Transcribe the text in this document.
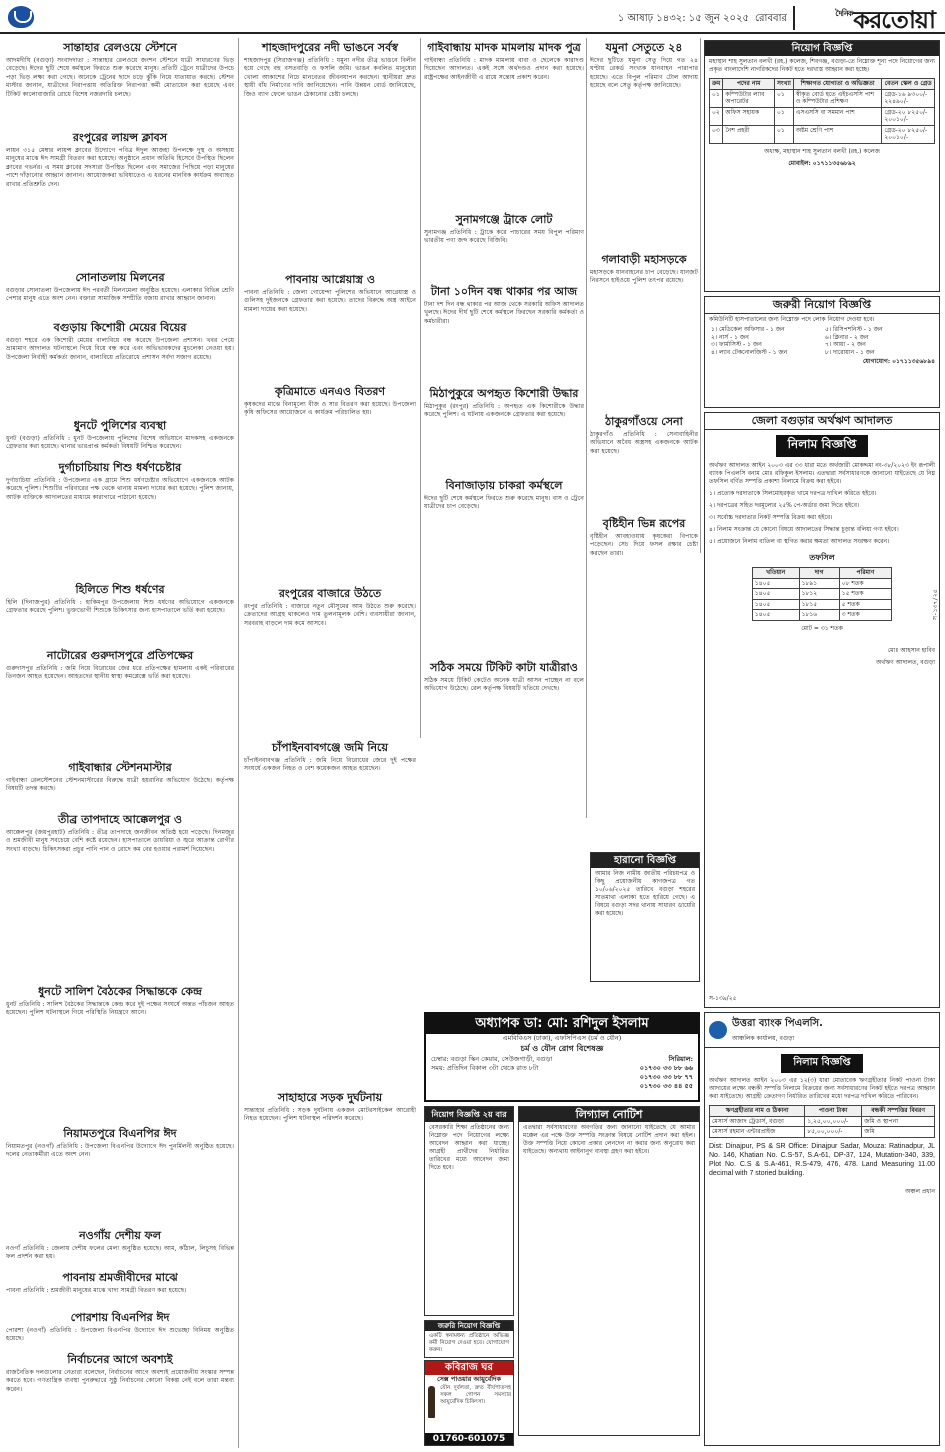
১ আষাঢ় ১৪৩২: ১৫ জুন ২০২৫ রোববার	দৈনিক করতোয়া
সান্তাহার রেলওয়ে স্টেশনে

আদমদীঘি (বগুড়া) সংবাদদাতা : সান্তাহার রেলওয়ে জংশন স্টেশনে যাত্রী সাধারণের ভিড় বেড়েছে। ঈদের ছুটি শেষে কর্মস্থলে ফিরতে শুরু করেছে মানুষ। প্রতিটি ট্রেনে যাত্রীদের উপচে পড়া ভিড় লক্ষ্য করা গেছে। অনেকে ট্রেনের ছাদে চড়ে ঝুঁকি নিয়ে যাতায়াত করছে। স্টেশন মাস্টার জানান, যাত্রীদের নিরাপত্তায় অতিরিক্ত নিরাপত্তা কর্মী মোতায়েন করা হয়েছে এবং টিকিট কালোবাজারি রোধে বিশেষ নজরদারি চলছে।

রংপুরের লায়ন্স ক্লাবস

লায়ন ৩১৫ মেম্বার লায়ন্স ক্লাবের উদ্যোগে পবিত্র ঈদুল আজহা উপলক্ষে দুস্থ ও অসহায় মানুষের মাঝে ঈদ সামগ্রী বিতরণ করা হয়েছে। অনুষ্ঠানে প্রধান অতিথি হিসেবে উপস্থিত ছিলেন ক্লাবের গভর্নর। এ সময় ক্লাবের সদস্যরা উপস্থিত ছিলেন এবং সমাজের পিছিয়ে পড়া মানুষের পাশে দাঁড়ানোর আহ্বান জানান। আয়োজকরা ভবিষ্যতেও এ ধরনের মানবিক কার্যক্রম অব্যাহত রাখার প্রতিশ্রুতি দেন।

সোনাতলায় মিলনের

বগুড়ার সোনাতলা উপজেলায় ঈদ পরবর্তী মিলনমেলা অনুষ্ঠিত হয়েছে। এলাকার বিভিন্ন শ্রেণি পেশার মানুষ এতে অংশ নেন। বক্তারা সামাজিক সম্প্রীতি বজায় রাখার আহ্বান জানান।

বগুড়ায় কিশোরী মেয়ের বিয়ের

বগুড়া শহরে এক কিশোরী মেয়ের বাল্যবিয়ে বন্ধ করেছে উপজেলা প্রশাসন। খবর পেয়ে ভ্রাম্যমাণ আদালত ঘটনাস্থলে গিয়ে বিয়ে বন্ধ করে এবং অভিভাবকদের মুচলেকা নেওয়া হয়। উপজেলা নির্বাহী কর্মকর্তা জানান, বাল্যবিয়ে প্রতিরোধে প্রশাসন সর্বদা সজাগ রয়েছে।

ধুনটে পুলিশের ব্যবস্থা

ধুনট (বগুড়া) প্রতিনিধি : ধুনট উপজেলায় পুলিশের বিশেষ অভিযানে মাদকসহ একজনকে গ্রেফতার করা হয়েছে। থানার ভারপ্রাপ্ত কর্মকর্তা বিষয়টি নিশ্চিত করেছেন।

দুর্গাচাচিয়ায় শিশু ধর্ষণচেষ্টার

দুর্গাচাচিয়া প্রতিনিধি : উপজেলার এক গ্রামে শিশু ধর্ষণচেষ্টার অভিযোগে একজনকে আটক করেছে পুলিশ। শিশুটির পরিবারের পক্ষ থেকে থানায় মামলা দায়ের করা হয়েছে। পুলিশ জানায়, আটক ব্যক্তিকে আদালতের মাধ্যমে কারাগারে পাঠানো হয়েছে।

হিলিতে শিশু ধর্ষণের

হিলি (দিনাজপুর) প্রতিনিধি : হাকিমপুর উপজেলায় শিশু ধর্ষণের অভিযোগে একজনকে গ্রেফতার করেছে পুলিশ। ভুক্তভোগী শিশুকে চিকিৎসার জন্য হাসপাতালে ভর্তি করা হয়েছে।

নাটোরের গুরুদাসপুরে প্রতিপক্ষের

গুরুদাসপুর প্রতিনিধি : জমি নিয়ে বিরোধের জের ধরে প্রতিপক্ষের হামলায় একই পরিবারের তিনজন আহত হয়েছেন। আহতদের স্থানীয় স্বাস্থ্য কমপ্লেক্সে ভর্তি করা হয়েছে।

গাইবান্ধার স্টেশনমাস্টার

গাইবান্ধা রেলস্টেশনের স্টেশনমাস্টারের বিরুদ্ধে যাত্রী হয়রানির অভিযোগ উঠেছে। কর্তৃপক্ষ বিষয়টি তদন্ত করছে।

তীব্র তাপদাহে আক্কেলপুর ও

আক্কেলপুর (জয়পুরহাট) প্রতিনিধি : তীব্র তাপদাহে জনজীবন অতিষ্ঠ হয়ে পড়েছে। দিনমজুর ও শ্রমজীবী মানুষ সবচেয়ে বেশি কষ্টে রয়েছেন। হাসপাতালে ডায়রিয়া ও জ্বরে আক্রান্ত রোগীর সংখ্যা বাড়ছে। চিকিৎসকরা প্রচুর পানি পান ও রোদে কম বের হওয়ার পরামর্শ দিয়েছেন।

ধুনটে সালিশ বৈঠকের সিদ্ধান্তকে কেন্দ্র

ধুনট প্রতিনিধি : সালিশ বৈঠকের সিদ্ধান্তকে কেন্দ্র করে দুই পক্ষের সংঘর্ষে অন্তত পাঁচজন আহত হয়েছেন। পুলিশ ঘটনাস্থলে গিয়ে পরিস্থিতি নিয়ন্ত্রণে আনে।

নিয়ামতপুরে বিএনপির ঈদ

নিয়ামতপুর (নওগাঁ) প্রতিনিধি : উপজেলা বিএনপির উদ্যোগে ঈদ পুনর্মিলনী অনুষ্ঠিত হয়েছে। দলের নেতাকর্মীরা এতে অংশ নেন।

নওগাঁয় দেশীয় ফল

নওগাঁ প্রতিনিধি : জেলায় দেশীয় ফলের মেলা অনুষ্ঠিত হয়েছে। আম, কাঁঠাল, লিচুসহ বিভিন্ন ফল প্রদর্শন করা হয়।

পাবনায় শ্রমজীবীদের মাঝে

পাবনা প্রতিনিধি : শ্রমজীবী মানুষের মাঝে খাদ্য সামগ্রী বিতরণ করা হয়েছে।

পোরশায় বিএনপির ঈদ

পোরশা (নওগাঁ) প্রতিনিধি : উপজেলা বিএনপির উদ্যোগে ঈদ শুভেচ্ছা বিনিময় অনুষ্ঠিত হয়েছে।

নির্বাচনের আগে অবশ্যই

রাজনৈতিক দলগুলোর নেতারা বলেছেন, নির্বাচনের আগে অবশ্যই প্রয়োজনীয় সংস্কার সম্পন্ন করতে হবে। গণতান্ত্রিক ব্যবস্থা পুনরুদ্ধারে সুষ্ঠু নির্বাচনের কোনো বিকল্প নেই বলে তারা মন্তব্য করেন।

শাহজাদপুরের নদী ভাঙনে সর্বস্ব

শাহজাদপুর (সিরাজগঞ্জ) প্রতিনিধি : যমুনা নদীর তীব্র ভাঙনে বিলীন হয়ে গেছে বহু বসতবাড়ি ও ফসলি জমি। ভাঙন কবলিত মানুষেরা খোলা আকাশের নিচে মানবেতর জীবনযাপন করছেন। স্থানীয়রা দ্রুত স্থায়ী বাঁধ নির্মাণের দাবি জানিয়েছেন। পানি উন্নয়ন বোর্ড জানিয়েছে, জিও ব্যাগ ফেলে ভাঙন ঠেকানোর চেষ্টা চলছে।

পাবনায় আগ্নেয়াস্ত্র ও

পাবনা প্রতিনিধি : জেলা গোয়েন্দা পুলিশের অভিযানে আগ্নেয়াস্ত্র ও গুলিসহ দুইজনকে গ্রেফতার করা হয়েছে। তাদের বিরুদ্ধে অস্ত্র আইনে মামলা দায়ের করা হয়েছে।

কৃত্রিমাতে এনএও বিতরণ

কৃষকদের মাঝে বিনামূল্যে বীজ ও সার বিতরণ করা হয়েছে। উপজেলা কৃষি অফিসের আয়োজনে এ কার্যক্রম পরিচালিত হয়।

রংপুরের বাজারে উঠতে

রংপুর প্রতিনিধি : বাজারে নতুন মৌসুমের আম উঠতে শুরু করেছে। ক্রেতাদের আগ্রহ থাকলেও দাম তুলনামূলক বেশি। ব্যবসায়ীরা জানান, সরবরাহ বাড়লে দাম কমে আসবে।

চাঁপাইনবাবগঞ্জে জমি নিয়ে

চাঁপাইনবাবগঞ্জ প্রতিনিধি : জমি নিয়ে বিরোধের জেরে দুই পক্ষের সংঘর্ষে একজন নিহত ও বেশ কয়েকজন আহত হয়েছেন।

সাহাহারে সড়ক দুর্ঘটনায়

সান্তাহার প্রতিনিধি : সড়ক দুর্ঘটনায় একজন মোটরসাইকেল আরোহী নিহত হয়েছেন। পুলিশ ঘটনাস্থল পরিদর্শন করেছে।

গাইবান্ধায় মাদক মামলায় মাদক পুত্র

গাইবান্ধা প্রতিনিধি : মাদক মামলায় বাবা ও ছেলেকে কারাদণ্ড দিয়েছেন আদালত। একই সঙ্গে অর্থদণ্ডও প্রদান করা হয়েছে। রাষ্ট্রপক্ষের আইনজীবী এ রায়ে সন্তোষ প্রকাশ করেন।

সুনামগঞ্জে ট্রাকে লোট

সুনামগঞ্জ প্রতিনিধি : ট্রাকে করে পাচারের সময় বিপুল পরিমাণ ভারতীয় পণ্য জব্দ করেছে বিজিবি।

টানা ১০দিন বন্ধ থাকার পর আজ

টানা দশ দিন বন্ধ থাকার পর আজ থেকে সরকারি অফিস আদালত খুলছে। ঈদের দীর্ঘ ছুটি শেষে কর্মস্থলে ফিরছেন সরকারি কর্মকর্তা ও কর্মচারীরা।

মিঠাপুকুরে অপহৃত কিশোরী উদ্ধার

মিঠাপুকুর (রংপুর) প্রতিনিধি : অপহৃত এক কিশোরীকে উদ্ধার করেছে পুলিশ। এ ঘটনায় একজনকে গ্রেফতার করা হয়েছে।

বিনাজাড়ায় চাকরা কর্মস্থলে

ঈদের ছুটি শেষে কর্মস্থলে ফিরতে শুরু করেছে মানুষ। বাস ও ট্রেনে যাত্রীদের চাপ বেড়েছে।

সঠিক সময়ে টিকিট কাটা যাত্রীরাও

সঠিক সময়ে টিকিট কেটেও অনেক যাত্রী আসন পাচ্ছেন না বলে অভিযোগ উঠেছে। রেল কর্তৃপক্ষ বিষয়টি খতিয়ে দেখছে।

যমুনা সেতুতে ২৪

ঈদের ছুটিতে যমুনা সেতু দিয়ে গত ২৪ ঘণ্টায় রেকর্ড সংখ্যক যানবাহন পারাপার হয়েছে। এতে বিপুল পরিমাণ টোল আদায় হয়েছে বলে সেতু কর্তৃপক্ষ জানিয়েছে।

গলাবাড়ী মহাসড়কে

মহাসড়কে যানবাহনের চাপ বেড়েছে। যানজট নিরসনে হাইওয়ে পুলিশ তৎপর রয়েছে।

ঠাকুরগাঁওয়ে সেনা

ঠাকুরগাঁও প্রতিনিধি : সেনাবাহিনীর অভিযানে অবৈধ অস্ত্রসহ একজনকে আটক করা হয়েছে।

বৃষ্টিহীন ভিন্ন রূপের

বৃষ্টিহীন আবহাওয়ায় কৃষকেরা বিপাকে পড়েছেন। সেচ দিয়ে ফসল রক্ষার চেষ্টা করছেন তারা।

নিয়োগ বিজ্ঞপ্তি

মহাস্থান শাহ সুলতান বলখী (রহ.) কলেজ, শিবগঞ্জ, বগুড়া-তে নিম্নোক্ত শূন্য পদে নিয়োগের জন্য প্রকৃত বাংলাদেশি নাগরিকদের নিকট হতে দরখাস্ত আহ্বান করা হচ্ছে।

ক্রম	পদের নাম	সংখ্যা	শিক্ষাগত যোগ্যতা ও অভিজ্ঞতা	বেতন স্কেল ও গ্রেড
০১	কম্পিউটার ল্যাব অপারেটর	০১	স্বীকৃত বোর্ড হতে এইচএসসি পাশ ও কম্পিউটার প্রশিক্ষণ	গ্রেড-১৬ ৯৩০০/- ২২৪৯০/-
০২	অফিস সহায়ক	০১	এসএসসি বা সমমান পাশ	গ্রেড-২০ ৮২৫০/- ২০০১০/-
০৩	নৈশ প্রহরী	০১	অষ্টম শ্রেণি পাশ	গ্রেড-২০ ৮২৫০/- ২০০১০/-

অধ্যক্ষ, মহাস্থান শাহ সুলতান বলখী (রহ.) কলেজ

মোবাইল: ০১৭১১৩৫৬৮৯২

জরুরী নিয়োগ বিজ্ঞপ্তি

কমিউনিটি হাসপাতালের জন্য নিম্নোক্ত পদে লোক নিয়োগ দেওয়া হবে।

১। মেডিকেল অফিসার - ১ জন
২। নার্স - ১ জন
৩। ফার্মাসিস্ট - ১ জন
৪। ল্যাব টেকনোলজিস্ট - ১ জন
৫। রিসিপশনিস্ট - ১ জন
৬। ক্লিনার - ২ জন
৭। আয়া - ২ জন
৮। দারোয়ান - ১ জন

যোগাযোগ: ০১৭১১৩৫৬৮৯৪

জেলা বগুড়ার অর্থঋণ আদালত
নিলাম বিজ্ঞপ্তি

অর্থঋণ আদালত আইন ২০০৩ এর ৩৩ ধারা মতে অর্থজারী মোকদ্দমা নং-৩৮/২০২৩ ইং রূপালী ব্যাংক পিএলসি বনাম মোঃ রফিকুল ইসলাম। এতদ্বারা সর্বসাধারণকে জানানো যাইতেছে যে নিম্ন তফসিল বর্ণিত সম্পত্তি প্রকাশ্য নিলামে বিক্রয় করা হইবে।

১। প্রত্যেক দরদাতাকে সিলমোহরকৃত খামে দরপত্র দাখিল করিতে হইবে।

২। দরপত্রের সহিত দরমূল্যের ২৫% পে-অর্ডার জমা দিতে হইবে।

৩। সর্বোচ্চ দরদাতার নিকট সম্পত্তি বিক্রয় করা হইবে।

৪। নিলাম সংক্রান্ত যে কোনো বিষয়ে আদালতের সিদ্ধান্ত চূড়ান্ত বলিয়া গণ্য হইবে।

৫। প্রয়োজনে নিলাম বাতিল বা স্থগিত করার ক্ষমতা আদালত সংরক্ষণ করেন।

তফসিল
খতিয়ান	দাগ	পরিমাণ
১৪০৫	১৮৯১	০৮ শতক
১৪০৫	১৮১২	১৫ শতক
১৪০৫	১৮১৫	৫ শতক
১৪০৫	১৮১৬	৩ শতক

মোট = ৩১ শতক

মোঃ আহসান হাবিব

অর্থঋণ আদালত, বগুড়া

স-১৩৯/২৫
হারানো বিজ্ঞপ্তি

আমার নিজ নামীয় জাতীয় পরিচয়পত্র ও কিছু প্রয়োজনীয় কাগজপত্র গত ১০/০৬/২০২৫ তারিখে বগুড়া শহরের সাতমাথা এলাকা হতে হারিয়ে গেছে। এ বিষয়ে বগুড়া সদর থানায় সাধারণ ডায়েরি করা হয়েছে।

অধ্যাপক ডা: মো: রশিদুল ইসলাম
এমবিবিএস (ঢাকা), এফসিপিএস (চর্ম ও যৌন)
চর্ম ও যৌন রোগ বিশেষজ্ঞ
চেম্বার: বগুড়া স্কিন কেয়ার, সেউজগাড়ী, বগুড়া
সময়: প্রতিদিন বিকাল ৩টা থেকে রাত ৮টা
সিরিয়াল:
০১৭৩০ ৩৩ ৮৮ ৬৬
০১৭৩০ ৩৩ ৮৮ ৭৭
০১৭৩০ ৩৩ ৪৪ ৫৫
নিয়োগ বিজ্ঞপ্তি ২য় বার

বেসরকারি শিক্ষা প্রতিষ্ঠানের জন্য নিম্নোক্ত পদে নিয়োগের লক্ষ্যে আবেদন আহ্বান করা যাচ্ছে। আগ্রহী প্রার্থীদের নির্ধারিত তারিখের মধ্যে আবেদন জমা দিতে হবে।

লিগ্যাল নোটিশ

এতদ্বারা সর্বসাধারণের অবগতির জন্য জানানো যাইতেছে যে আমার মক্কেল এর পক্ষে উক্ত সম্পত্তি সংক্রান্ত বিষয়ে নোটিশ প্রদান করা হইল। উক্ত সম্পত্তি নিয়ে কোনো প্রকার লেনদেন না করার জন্য অনুরোধ করা যাইতেছে। অন্যথায় আইনানুগ ব্যবস্থা গ্রহণ করা হইবে।

জরুরি নিয়োগ বিজ্ঞপ্তি

একটি স্বনামধন্য প্রতিষ্ঠানে অভিজ্ঞ কর্মী নিয়োগ দেওয়া হবে। যোগাযোগ করুন।

কবিরাজ ঘর
সেক্স পাওয়ার আয়ুর্বেদিক

যৌন দুর্বলতা, দ্রুত বীর্যপাতসহ সকল গোপন সমস্যার আয়ুর্বেদিক চিকিৎসা।

01760-601075
উত্তরা ব্যাংক পিএলসি.
আঞ্চলিক কার্যালয়, বগুড়া
নিলাম বিজ্ঞপ্তি

অর্থঋণ আদালত আইন ২০০৩ এর ১২(৩) ধারা মোতাবেক ঋণগ্রহীতার নিকট পাওনা টাকা আদায়ের লক্ষ্যে বন্ধকী সম্পত্তি নিলামে বিক্রয়ের জন্য সর্বসাধারণের নিকট হইতে দরপত্র আহ্বান করা যাইতেছে। আগ্রহী ক্রেতাগণ নির্ধারিত তারিখের মধ্যে দরপত্র দাখিল করিতে পারিবেন।

ঋণগ্রহীতার নাম ও ঠিকানা	পাওনা টাকা	বন্ধকী সম্পত্তির বিবরণ
মেসার্স আজাদ ট্রেডার্স, বগুড়া	১,২৫,০০,০০০/-	জমি ও স্থাপনা
মেসার্স রহমান এন্টারপ্রাইজ	৮৫,০০,০০০/-	জমি

Dist: Dinajpur, PS & SR Office: Dinajpur Sadar, Mouza: Ratinadpur, JL No. 146, Khatian No. C.S-57, S.A-61, DP-37, 124, Mutation-340, 339, Plot No. C.S & S.A-461, R.S-479, 476, 478. Land Measuring 11.00 decimal with 7 storied building.

অঞ্চল প্রধান

স-১৩৭/২৫
